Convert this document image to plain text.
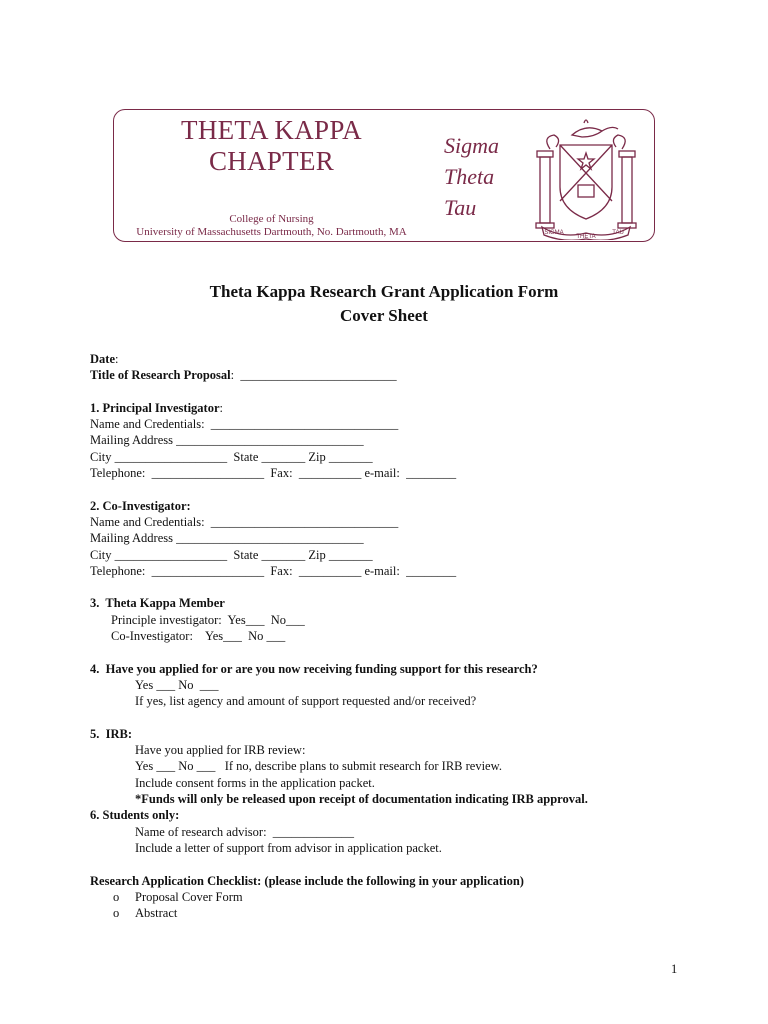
THETA KAPPA
CHAPTER
College of Nursing
University of Massachusetts Dartmouth, No. Dartmouth, MA
Sigma
Theta
Tau
SIGMA
THETA
TAU
Theta Kappa Research Grant Application Form
Cover Sheet
Date:
Title of Research Proposal:  _________________________
1. Principal Investigator:
Name and Credentials:  ______________________________
Mailing Address ______________________________
City __________________  State _______ Zip _______
Telephone:  __________________  Fax:  __________ e-mail:  ________
2. Co-Investigator:
Name and Credentials:  ______________________________
Mailing Address ______________________________
City __________________  State _______ Zip _______
Telephone:  __________________  Fax:  __________ e-mail:  ________
3.  Theta Kappa Member
Principle investigator:  Yes___  No___
Co-Investigator:    Yes___  No ___
4.  Have you applied for or are you now receiving funding support for this research?
Yes ___ No  ___
If yes, list agency and amount of support requested and/or received?
5.  IRB:
Have you applied for IRB review:
Yes ___ No ___   If no, describe plans to submit research for IRB review.
Include consent forms in the application packet.
*Funds will only be released upon receipt of documentation indicating IRB approval.
6. Students only:
Name of research advisor:  _____________
Include a letter of support from advisor in application packet.
Research Application Checklist: (please include the following in your application)
o	Proposal Cover Form
o	Abstract
1
